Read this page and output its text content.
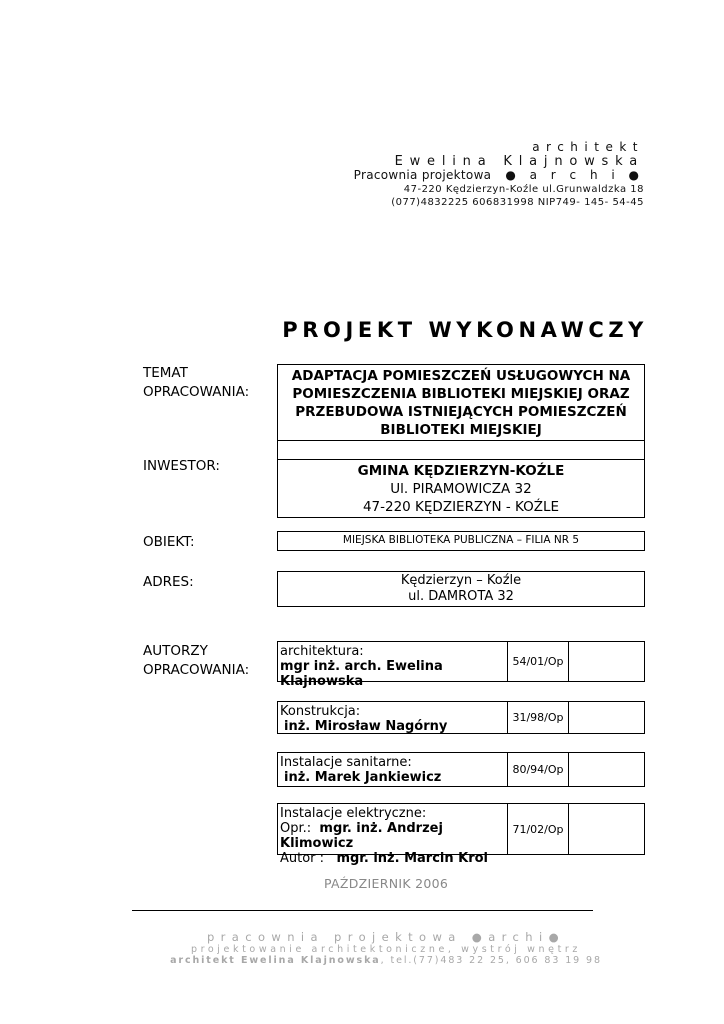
architekt
Ewelina Klajnowska
Pracownia projektowa ● a r c h i ●
47-220 Kędzierzyn-Koźle ul.Grunwaldzka 18
(077)4832225 606831998 NIP749- 145- 54-45
PROJEKT WYKONAWCZY
TEMAT
OPRACOWANIA:
ADAPTACJA POMIESZCZEŃ USŁUGOWYCH NA
POMIESZCZENIA BIBLIOTEKI MIEJSKIEJ ORAZ
PRZEBUDOWA ISTNIEJĄCYCH POMIESZCZEŃ
BIBLIOTEKI MIEJSKIEJ
GMINA KĘDZIERZYN-KOŹLE
Ul. PIRAMOWICZA 32
47-220 KĘDZIERZYN - KOŹLE
INWESTOR:
OBIEKT:	MIEJSKA BIBLIOTEKA PUBLICZNA – FILIA NR 5
ADRES:	Kędzierzyn – Koźle
ul. DAMROTA 32
AUTORZY
OPRACOWANIA:
architektura:
mgr inż. arch. Ewelina Klajnowska
54/01/Op
Konstrukcja:
inż. Mirosław Nagórny
31/98/Op
Instalacje sanitarne:
inż. Marek Jankiewicz
80/94/Op
Instalacje elektryczne:
Opr.: mgr. inż. Andrzej Klimowicz
Autor : mgr. inż. Marcin Krol
71/02/Op
PAŹDZIERNIK 2006
pracownia projektowa ●archi●
projektowanie architektoniczne, wystrój wnętrz
architekt Ewelina Klajnowska, tel.(77)483 22 25, 606 83 19 98
